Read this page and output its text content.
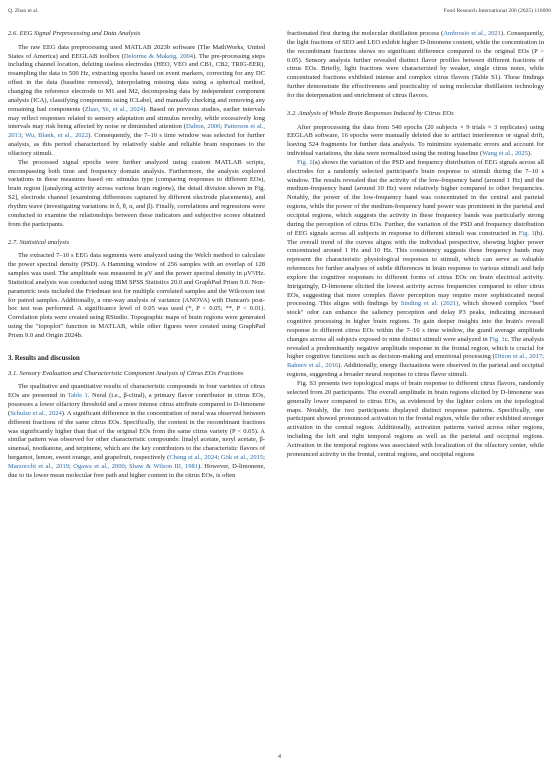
Q. Zhao et al.	Food Research International 206 (2025) 116096
2.6. EEG Signal Preprocessing and Data Analysis

The raw EEG data preprocessing used MATLAB 2023b software (The MathWorks, United States of America) and EEGLAB toolbox (Delorme & Makeig, 2004). The pre-processing steps including channel location, deleting useless electrodes (HEO, VEO and CB1, CB2, TRIG-EER), resampling the data to 500 Hz, extracting epochs based on event markers, correcting for any DC offset in the data (baseline removal), interpolating missing data using a spherical method, changing the reference electrode to M1 and M2, decomposing data by independent component analysis (ICA), classifying components using ICLabel, and manually checking and removing any remaining bad components (Zhao, Ye, et al., 2024). Based on previous studies, earlier intervals may reflect responses related to sensory adaptation and stimulus novelty, while excessively long intervals may risk being affected by noise or diminished attention (Dalton, 2000; Patterson et al., 2013; Wu, Blank, et al., 2022). Consequently, the 7–10 s time window was selected for further analysis, as this period characterized by relatively stable and reliable brain responses to the olfactory stimuli.

The processed signal epochs were further analyzed using custom MATLAB scripts, encompassing both time and frequency domain analysis. Furthermore, the analysis explored variations in these measures based on: stimulus type (comparing responses to different EOs), brain region [(analyzing activity across various brain regions), the detail division shown in Fig. S2], electrode channel (examining differences captured by different electrode placements), and rhythm wave (investigating variations in δ, θ, α, and β). Finally, correlations and regressions were conducted to examine the relationships between these indicators and subjective scores obtained from the participants.

2.7. Statistical analysis

The extracted 7–10 s EEG data segments were analyzed using the Welch method to calculate the power spectral density (PSD). A Hamming window of 256 samples with an overlap of 128 samples was used. The amplitude was measured in μV and the power spectral density in μV²/Hz. Statistical analysis was conducted using IBM SPSS Statistics 20.0 and GraphPad Prism 9.0. Non-parametric tests included the Friedman test for multiple correlated samples and the Wilcoxon test for paired samples. Additionally, a one-way analysis of variance (ANOVA) with Duncan's post-hoc test was performed. A significance level of 0.05 was used (*, P < 0.05; **, P < 0.01). Correlation plots were created using RStudio. Topographic maps of brain regions were generated using the "topoplot" function in MATLAB, while other figures were created using GraphPad Prism 9.0 and Origin 2024b.

3. Results and discussion
3.1. Sensory Evaluation and Characteristic Component Analysis of Citrus EOs Fractions

The qualitative and quantitative results of characteristic compounds in four varieties of citrus EOs are presented in Table 1. Neral (i.e., β-citral), a primary flavor contributor in citrus EOs, possesses a lower olfactory threshold and a more intense citrus attribute compared to D-limonene (Schulze et al., 2024). A significant difference in the concentration of neral was observed between different fractions of the same citrus EOs. Specifically, the content in the recombinant fractions was significantly higher than that of the original EOs from the same citrus variety (P < 0.05). A similar pattern was observed for other characteristic compounds: linalyl acetate, neryl acetate, β-sinensal, nootkatone, and terpinene, which are the key contributors to the characteristic flavors of bergamot, lemon, sweet orange, and grapefruit, respectively (Cheng et al., 2024; Gök et al., 2015; Marzocchi et al., 2019; Ogawa et al., 2000; Shaw & Wilson III, 1981). However, D-limonene, due to its lower mean molecular free path and higher content in the citrus EOs, is often

fractionated first during the molecular distillation process (Ambrosio et al., 2021). Consequently, the light fractions of SEO and LEO exhibit higher D-limonene content, while the concentration in the recombinant fractions shows no significant difference compared to the original EOs (P > 0.05). Sensory analysis further revealed distinct flavor profiles between different fractions of citrus EOs. Briefly, light fractions were characterized by weaker, single citrus notes, while concentrated fractions exhibited intense and complex citrus flavors (Table S1). These findings further demonstrate the effectiveness and practicality of using molecular distillation technology for the deterpenation and enrichment of citrus flavors.

3.2. Analysis of Whole Brain Responses Induced by Citrus EOs

After preprocessing the data from 540 epochs (20 subjects × 9 trials × 3 replicates) using EEGLAB software, 16 epochs were manually deleted due to artifact interference or signal drift, leaving 524 fragments for further data analysis. To minimize systematic errors and account for individual variations, the data were normalized using the resting baseline (Wang et al., 2025).

Fig. 1(a) shows the variation of the PSD and frequency distribution of EEG signals across all electrodes for a randomly selected participant's brain response to stimuli during the 7–10 s window. The results revealed that the activity of the low-frequency band (around 1 Hz) and the medium-frequency band (around 10 Hz) were relatively higher compared to other frequencies. Notably, the power of the low-frequency band was concentrated in the central and parietal regions, while the power of the medium-frequency band power was prominent in the parietal and occipital regions, which suggests the activity in these frequency bands was particularly strong during the perception of citrus EOs. Further, the variation of the PSD and frequency distribution of EEG signals across all subjects in response to different stimuli was constructed in Fig. 1(b). The overall trend of the curves aligns with the individual perspective, showing higher power concentrated around 1 Hz and 10 Hz. This consistency suggests these frequency bands may represent the characteristic physiological responses to stimuli, which can serve as valuable references for further analyses of subtle differences in brain response to various stimuli and help explore the cognitive responses to different forms of citrus EOs on brain electrical activity. Intriguingly, D-limonene elicited the lowest activity across frequencies compared to other citrus EOs, suggesting that more complex flavor perception may require more sophisticated neural processing. This aligns with findings by Sinding et al. (2021), which showed complex "beef stock" odor can enhance the saliency perception and delay P3 peaks, indicating increased cognitive processing in higher brain regions. To gain deeper insights into the brain's overall response to different citrus EOs within the 7–10 s time window, the grand average amplitude changes across all subjects exposed to nine distinct stimuli were analyzed in Fig. 1c. The analysis revealed a predominantly negative amplitude response in the frontal region, which is crucial for higher cognitive functions such as decision-making and emotional processing (Dixon et al., 2017; Rahnev et al., 2016). Additionally, energy fluctuations were observed in the parietal and occipital regions, suggesting a broader neural response to citrus flavor stimuli.

Fig. S3 presents two topological maps of brain response to different citrus flavors, randomly selected from 20 participants. The overall amplitude in brain regions elicited by D-limonene was generally lower compared to citrus EOs, as evidenced by the lighter colors on the topological maps. Notably, the two participants displayed distinct response patterns. Specifically, one participant showed pronounced activation in the frontal region, while the other exhibited stronger activation in the central region. Additionally, activation patterns varied across other regions, including the left and right temporal regions as well as the parietal and occipital regions. Activation in the temporal regions was associated with localization of the olfactory center, while pronounced activity in the frontal, central regions, and occipital regions

4
